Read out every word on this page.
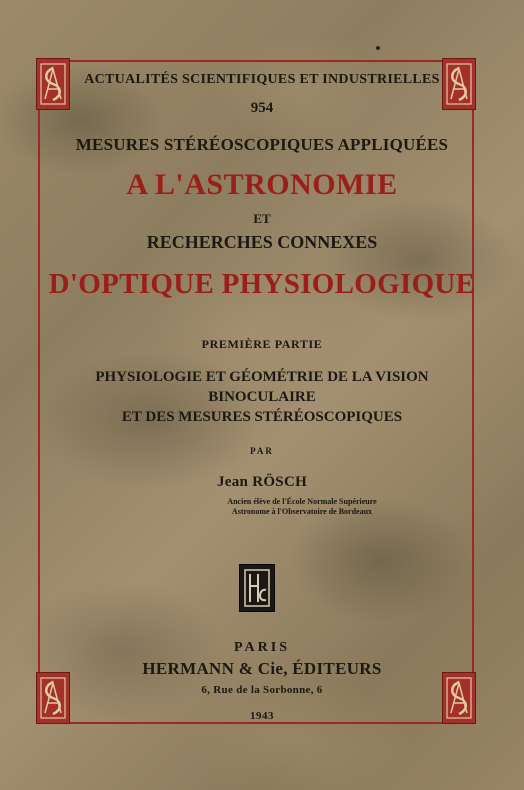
ACTUALITÉS SCIENTIFIQUES ET INDUSTRIELLES
954
MESURES STÉRÉOSCOPIQUES APPLIQUÉES
A L'ASTRONOMIE
ET
RECHERCHES CONNEXES
D'OPTIQUE PHYSIOLOGIQUE
PREMIÈRE PARTIE
PHYSIOLOGIE ET GÉOMÉTRIE DE LA VISION
BINOCULAIRE
ET DES MESURES STÉRÉOSCOPIQUES
PAR
Jean RÖSCH
Ancien élève de l'École Normale Supérieure
Astronome à l'Observatoire de Bordeaux
PARIS
HERMANN & Cie, ÉDITEURS
6, Rue de la Sorbonne, 6
1943
